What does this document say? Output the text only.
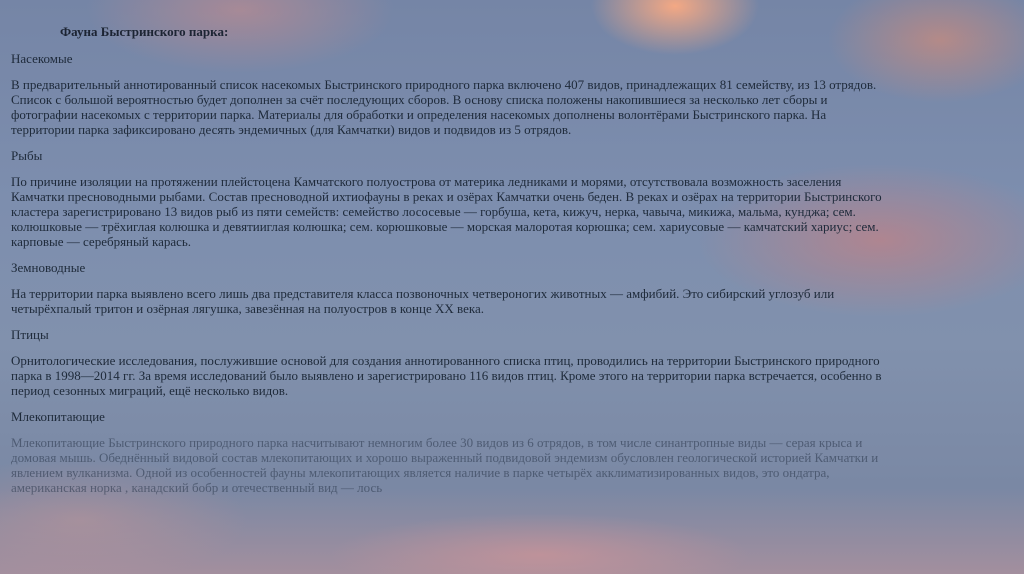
Фауна Быстринского парка:
Насекомые
В предварительный аннотированный список насекомых Быстринского природного парка включено 407 видов, принадлежащих 81 семейству, из 13 отрядов. Список с большой вероятностью будет дополнен за счёт последующих сборов. В основу списка положены накопившиеся за несколько лет сборы и фотографии насекомых с территории парка. Материалы для обработки и определения насекомых дополнены волонтёрами Быстринского парка. На территории парка зафиксировано десять эндемичных (для Камчатки) видов и подвидов из 5 отрядов.
Рыбы
По причине изоляции на протяжении плейстоцена Камчатского полуострова от материка ледниками и морями, отсутствовала возможность заселения Камчатки пресноводными рыбами. Состав пресноводной ихтиофауны в реках и озёрах Камчатки очень беден. В реках и озёрах на территории Быстринского кластера зарегистрировано 13 видов рыб из пяти семейств: семейство лососевые — горбуша, кета, кижуч, нерка, чавыча, микижа, мальма, кунджа; сем. колюшковые — трёхиглая колюшка и девятииглая колюшка; сем. корюшковые — морская малоротая корюшка; сем. хариусовые — камчатский хариус; сем. карповые — серебряный карась.
Земноводные
На территории парка выявлено всего лишь два представителя класса позвоночных четвероногих животных — амфибий. Это сибирский углозуб или четырёхпалый тритон и озёрная лягушка, завезённая на полуостров в конце XX века.
Птицы
Орнитологические исследования, послужившие основой для создания аннотированного списка птиц, проводились на территории Быстринского природного парка в 1998—2014 гг. За время исследований было выявлено и зарегистрировано 116 видов птиц. Кроме этого на территории парка встречается, особенно в период сезонных миграций, ещё несколько видов.
Млекопитающие
Млекопитающие Быстринского природного парка насчитывают немногим более 30 видов из 6 отрядов, в том числе синантропные виды — серая крыса и домовая мышь. Обеднённый видовой состав млекопитающих и хорошо выраженный подвидовой эндемизм обусловлен геологической историей Камчатки и явлением вулканизма. Одной из особенностей фауны млекопитающих является наличие в парке четырёх акклиматизированных видов, это ондатра, американская норка , канадский бобр и отечественный вид — лось
